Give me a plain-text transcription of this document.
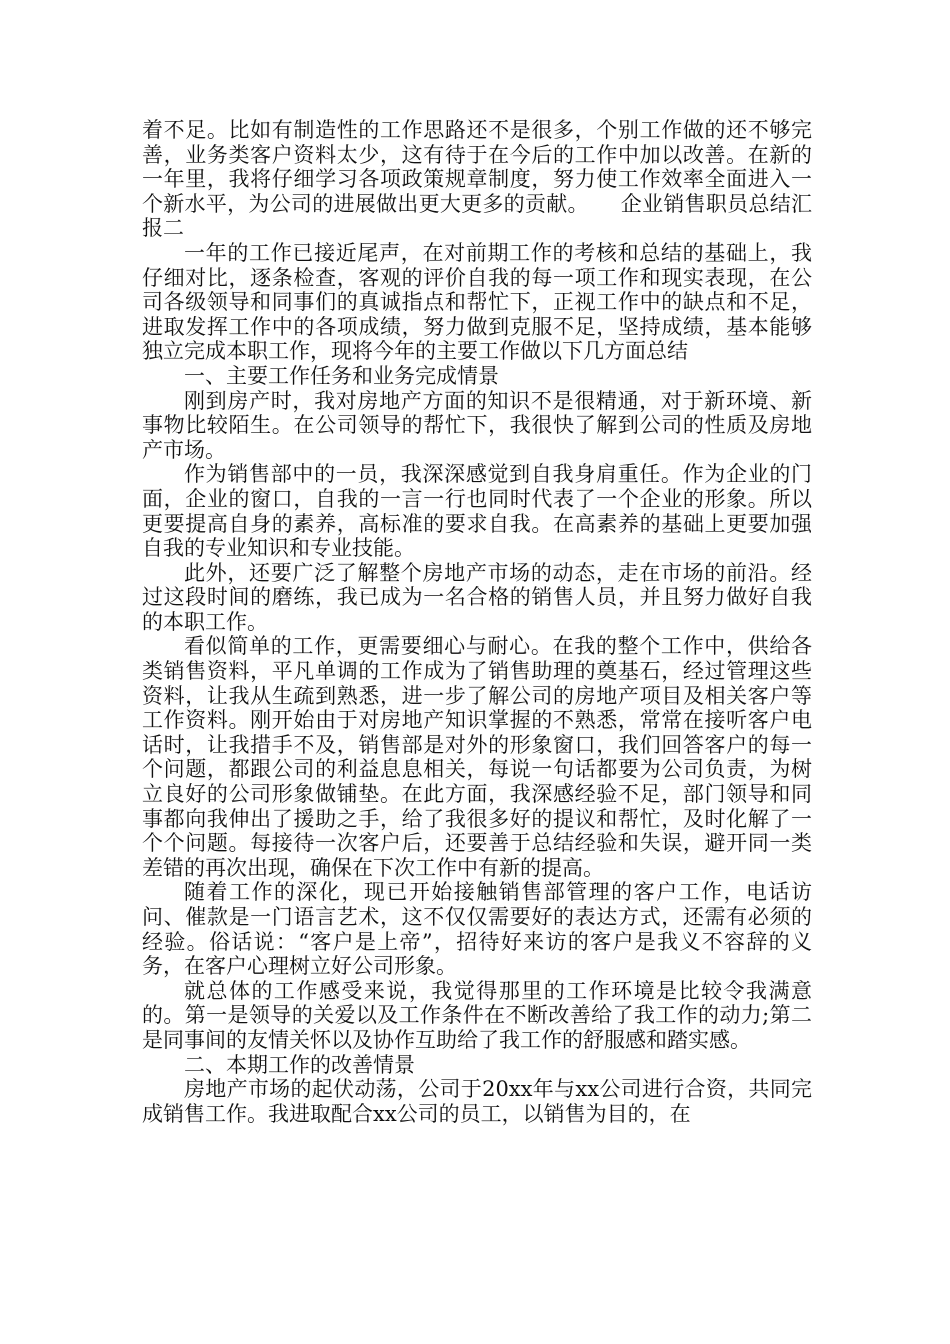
着不足。比如有制造性的工作思路还不是很多，个别工作做的还不够完善，业务类客户资料太少，这有待于在今后的工作中加以改善。在新的一年里，我将仔细学习各项政策规章制度，努力使工作效率全面进入一个新水平，为公司的进展做出更大更多的贡献。　　企业销售职员总结汇报二

一年的工作已接近尾声，在对前期工作的考核和总结的基础上，我仔细对比，逐条检查，客观的评价自我的每一项工作和现实表现，在公司各级领导和同事们的真诚指点和帮忙下，正视工作中的缺点和不足，进取发挥工作中的各项成绩，努力做到克服不足，坚持成绩，基本能够独立完成本职工作，现将今年的主要工作做以下几方面总结

一、主要工作任务和业务完成情景

刚到房产时，我对房地产方面的知识不是很精通，对于新环境、新事物比较陌生。在公司领导的帮忙下，我很快了解到公司的性质及房地产市场。

作为销售部中的一员，我深深感觉到自我身肩重任。作为企业的门面，企业的窗口，自我的一言一行也同时代表了一个企业的形象。所以更要提高自身的素养，高标准的要求自我。在高素养的基础上更要加强自我的专业知识和专业技能。

此外，还要广泛了解整个房地产市场的动态，走在市场的前沿。经过这段时间的磨练，我已成为一名合格的销售人员，并且努力做好自我的本职工作。

看似简单的工作，更需要细心与耐心。在我的整个工作中，供给各类销售资料，平凡单调的工作成为了销售助理的奠基石，经过管理这些资料，让我从生疏到熟悉，进一步了解公司的房地产项目及相关客户等工作资料。刚开始由于对房地产知识掌握的不熟悉，常常在接听客户电话时，让我措手不及，销售部是对外的形象窗口，我们回答客户的每一个问题，都跟公司的利益息息相关，每说一句话都要为公司负责，为树立良好的公司形象做铺垫。在此方面，我深感经验不足，部门领导和同事都向我伸出了援助之手，给了我很多好的提议和帮忙，及时化解了一个个问题。每接待一次客户后，还要善于总结经验和失误，避开同一类差错的再次出现，确保在下次工作中有新的提高。

随着工作的深化，现已开始接触销售部管理的客户工作，电话访问、催款是一门语言艺术，这不仅仅需要好的表达方式，还需有必须的经验。俗话说：“客户是上帝”，招待好来访的客户是我义不容辞的义务，在客户心理树立好公司形象。

就总体的工作感受来说，我觉得那里的工作环境是比较令我满意的。第一是领导的关爱以及工作条件在不断改善给了我工作的动力;第二是同事间的友情关怀以及协作互助给了我工作的舒服感和踏实感。

二、本期工作的改善情景

房地产市场的起伏动荡，公司于20xx年与xx公司进行合资，共同完成销售工作。我进取配合xx公司的员工，以销售为目的，在
